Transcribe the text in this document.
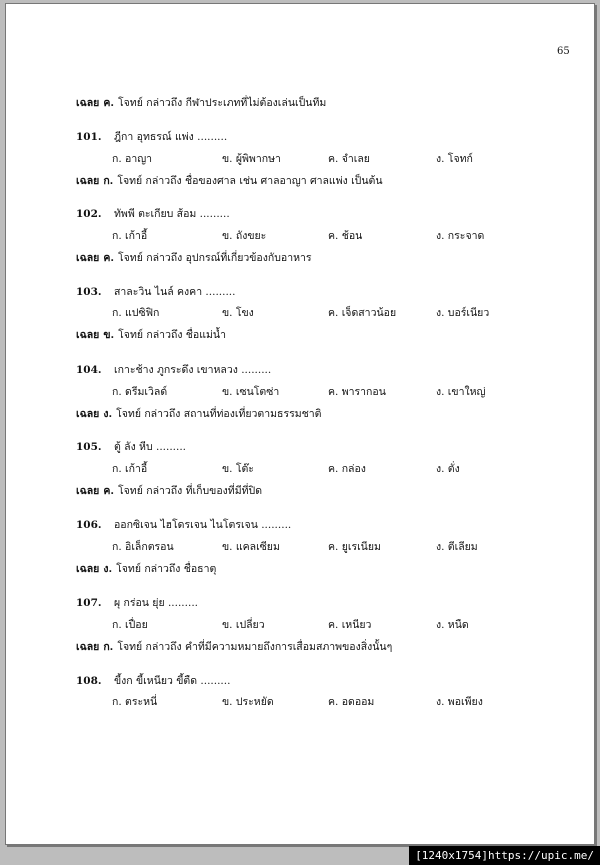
65
เฉลย ค. โจทย์ กล่าวถึง กีฬาประเภทที่ไม่ต้องเล่นเป็นทีม
101. ฎีกา อุทธรณ์ แพ่ง .........
ก. อาญา	ข. ผู้พิพากษา	ค. จำเลย	ง. โจทก์
เฉลย ก. โจทย์ กล่าวถึง ชื่อของศาล เช่น ศาลอาญา ศาลแพ่ง เป็นต้น
102. ทัพพี ตะเกียบ ส้อม .........
ก. เก้าอี้	ข. ถังขยะ	ค. ช้อน	ง. กระจาด
เฉลย ค. โจทย์ กล่าวถึง อุปกรณ์ที่เกี่ยวข้องกับอาหาร
103. สาละวิน ไนล์ คงคา .........
ก. แปซิฟิก	ข. โขง	ค. เจ็ดสาวน้อย	ง. บอร์เนียว
เฉลย ข. โจทย์ กล่าวถึง ชื่อแม่น้ำ
104. เกาะช้าง ภูกระดึง เขาหลวง .........
ก. ดรีมเวิลด์	ข. เซนโตซ่า	ค. พารากอน	ง. เขาใหญ่
เฉลย ง. โจทย์ กล่าวถึง สถานที่ท่องเที่ยวตามธรรมชาติ
105. ตู้ ลัง หีบ .........
ก. เก้าอี้	ข. โต๊ะ	ค. กล่อง	ง. ตั่ง
เฉลย ค. โจทย์ กล่าวถึง ที่เก็บของที่มีที่ปิด
106. ออกซิเจน ไฮโดรเจน ไนโตรเจน .........
ก. อิเล็กตรอน	ข. แคลเซียม	ค. ยูเรเนียม	ง. ตีเลียม
เฉลย ง. โจทย์ กล่าวถึง ชื่อธาตุ
107. ผุ กร่อน ยุ่ย .........
ก. เปื่อย	ข. เปลี่ยว	ค. เหนียว	ง. หนืด
เฉลย ก. โจทย์ กล่าวถึง คำที่มีความหมายถึงการเสื่อมสภาพของสิ่งนั้นๆ
108. ขี้งก ขี้เหนียว ขี้ตืด .........
ก. ตระหนี่	ข. ประหยัด	ค. อดออม	ง. พอเพียง
[1240x1754]https://upic.me/
